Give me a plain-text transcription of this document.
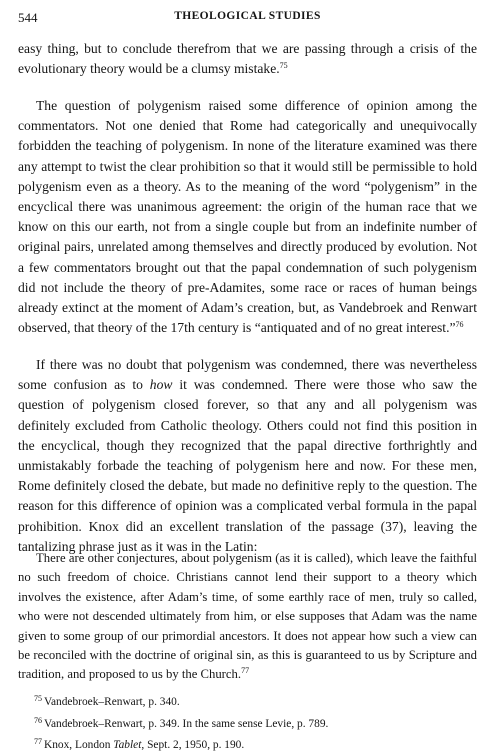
544	THEOLOGICAL STUDIES

easy thing, but to conclude therefrom that we are passing through a crisis of the evolutionary theory would be a clumsy mistake.$^{75}$

The question of polygenism raised some difference of opinion among the commentators. Not one denied that Rome had categorically and unequivocally forbidden the teaching of polygenism. In none of the literature examined was there any attempt to twist the clear prohibition so that it would still be permissible to hold polygenism even as a theory. As to the meaning of the word “polygenism” in the encyclical there was unanimous agreement: the origin of the human race that we know on this our earth, not from a single couple but from an indefinite number of original pairs, unrelated among themselves and directly produced by evolution. Not a few commentators brought out that the papal condemnation of such polygenism did not include the theory of pre-Adamites, some race or races of human beings already extinct at the moment of Adam’s creation, but, as Vandebroek and Renwart observed, that theory of the 17th century is “antiquated and of no great interest.”$^{76}$

If there was no doubt that polygenism was condemned, there was nevertheless some confusion as to how it was condemned. There were those who saw the question of polygenism closed forever, so that any and all polygenism was definitely excluded from Catholic theology. Others could not find this position in the encyclical, though they recognized that the papal directive forthrightly and unmistakably forbade the teaching of polygenism here and now. For these men, Rome definitely closed the debate, but made no definitive reply to the question. The reason for this difference of opinion was a complicated verbal formula in the papal prohibition. Knox did an excellent translation of the passage (37), leaving the tantalizing phrase just as it was in the Latin:

There are other conjectures, about polygenism (as it is called), which leave the faithful no such freedom of choice. Christians cannot lend their support to a theory which involves the existence, after Adam’s time, of some earthly race of men, truly so called, who were not descended ultimately from him, or else supposes that Adam was the name given to some group of our primordial ancestors. It does not appear how such a view can be reconciled with the doctrine of original sin, as this is guaranteed to us by Scripture and tradition, and proposed to us by the Church.$^{77}$

$^{75}$ Vandebroek–Renwart, p. 340.
$^{76}$ Vandebroek–Renwart, p. 349. In the same sense Levie, p. 789.
$^{77}$ Knox, London Tablet, Sept. 2, 1950, p. 190.
